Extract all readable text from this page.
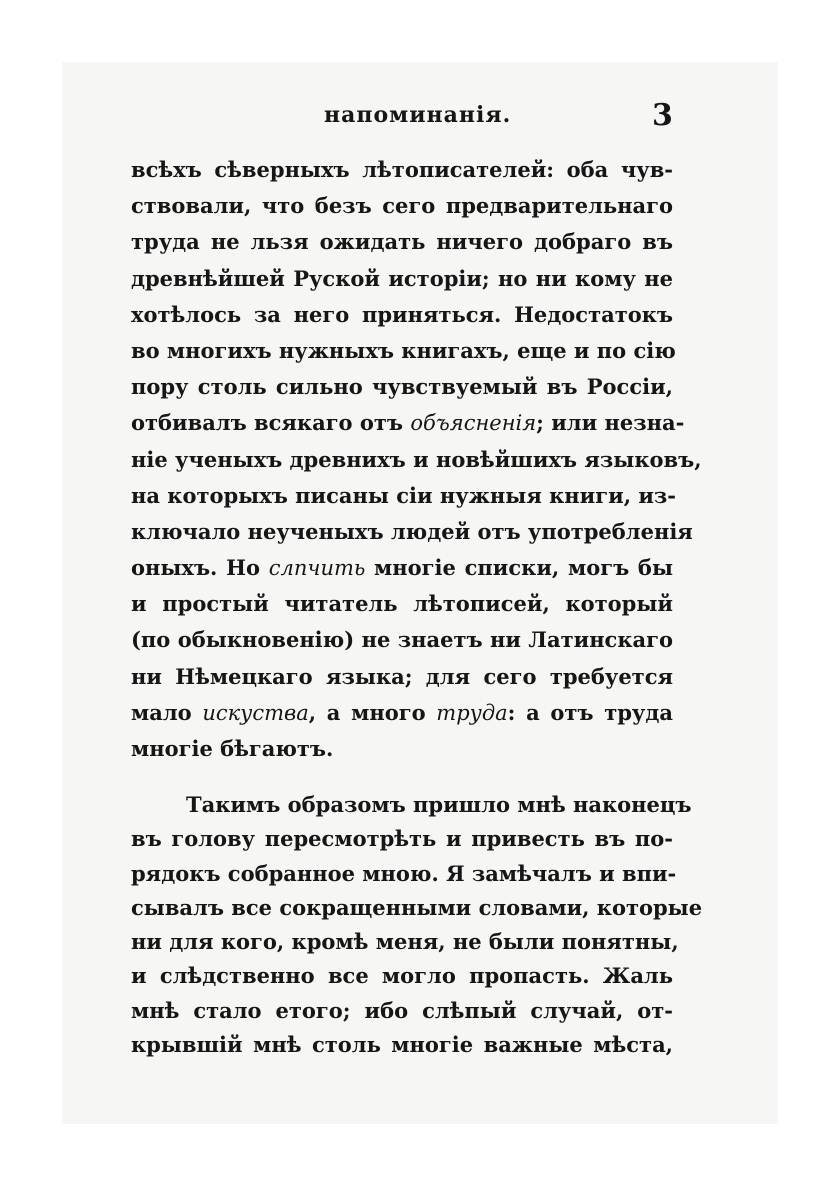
напоминанія.	3
всѣхъ сѣверныхъ лѣтописателей: оба чув-
ствовали, что безъ сего предварительнаго
труда не льзя ожидать ничего добраго въ
древнѣйшей Руской исторіи; но ни кому не
хотѣлось за него приняться. Недостатокъ
во многихъ нужныхъ книгахъ, еще и по сію
пору столь сильно чувствуемый въ Россіи,
отбивалъ всякаго отъ объясненія; или незна-
ніе ученыхъ древнихъ и новѣйшихъ языковъ,
на которыхъ писаны сіи нужныя книги, из-
ключало неученыхъ людей отъ употребленія
оныхъ. Но слпчить многіе списки, могъ бы
и простый читатель лѣтописей, который
(по обыкновенію) не знаетъ ни Латинскаго
ни Нѣмецкаго языка; для сего требуется
мало искуства, а много труда: а отъ труда
многіе бѣгаютъ.
Такимъ образомъ пришло мнѣ наконецъ
въ голову пересмотрѣть и привесть въ по-
рядокъ собранное мною. Я замѣчалъ и впи-
сывалъ все сокращенными словами, которые
ни для кого, кромѣ меня, не были понятны,
и слѣдственно все могло пропасть. Жаль
мнѣ стало етого; ибо слѣпый случай, от-
крывшій мнѣ столь многіе важные мѣста,
